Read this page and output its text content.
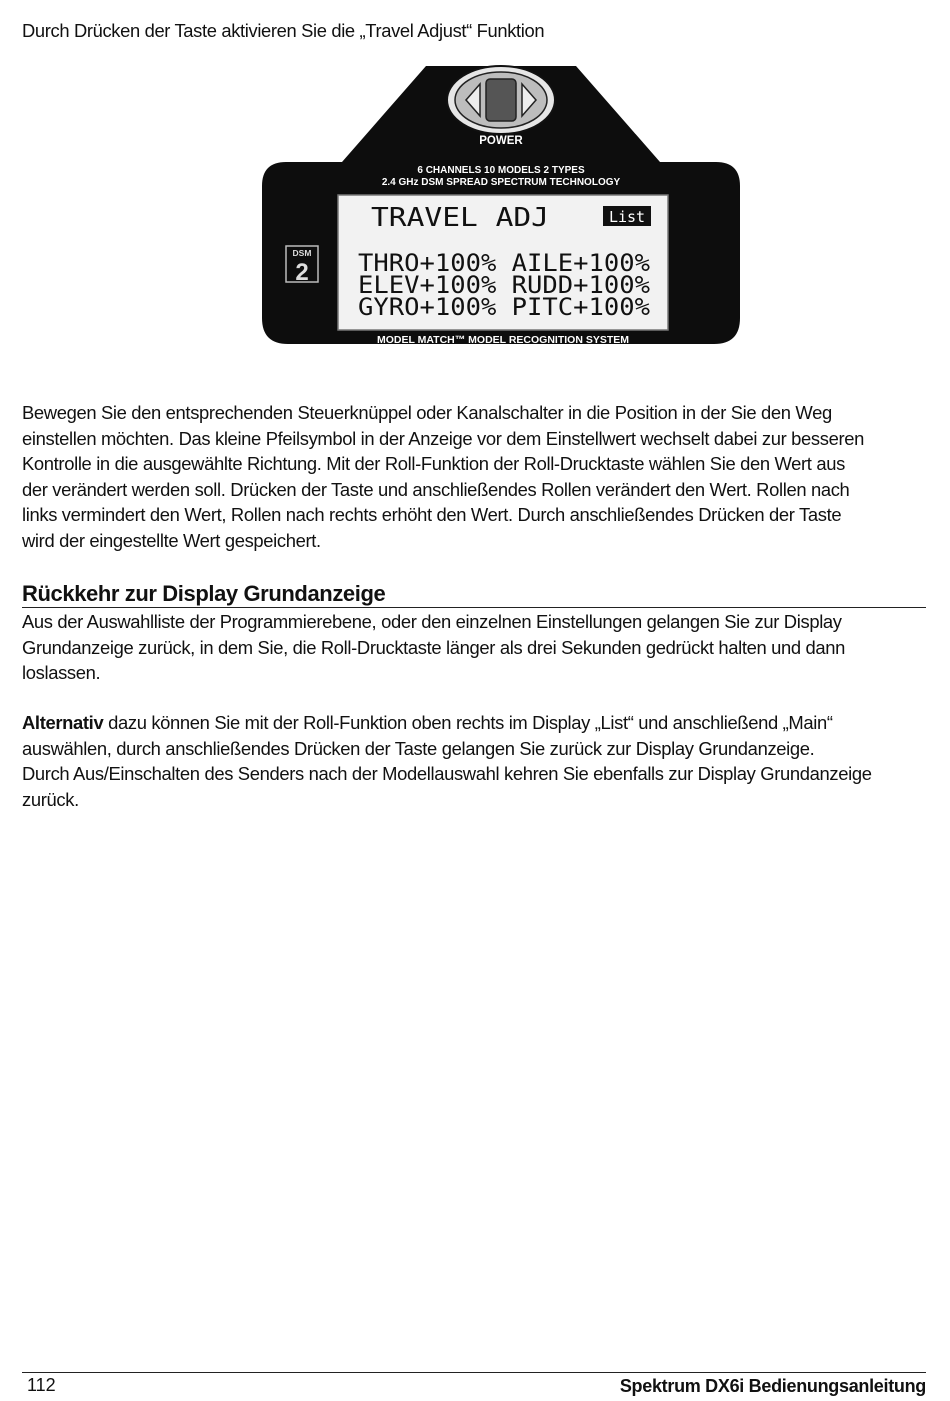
Durch Drücken der Taste aktivieren Sie die „Travel Adjust“ Funktion

POWER
6 CHANNELS 10 MODELS 2 TYPES
2.4 GHz DSM SPREAD SPECTRUM TECHNOLOGY
DSM
2
TRAVEL ADJ	List
THRO+100% AILE+100%
ELEV+100% RUDD+100%
GYRO+100% PITC+100%
MODEL MATCH™ MODEL RECOGNITION SYSTEM

Bewegen Sie den entsprechenden Steuerknüppel oder Kanalschalter in die Position in der Sie den Weg
einstellen möchten. Das kleine Pfeilsymbol in der Anzeige vor dem Einstellwert wechselt dabei zur besseren
Kontrolle in die ausgewählte Richtung. Mit der Roll-Funktion der Roll-Drucktaste wählen Sie den Wert aus
der verändert werden soll. Drücken der Taste und anschließendes Rollen verändert den Wert. Rollen nach
links vermindert den Wert, Rollen nach rechts erhöht den Wert. Durch anschließendes Drücken der Taste
wird der eingestellte Wert gespeichert.

Rückkehr zur Display Grundanzeige

Aus der Auswahlliste der Programmierebene, oder den einzelnen Einstellungen gelangen Sie zur Display
Grundanzeige zurück, in dem Sie, die Roll-Drucktaste länger als drei Sekunden gedrückt halten und dann
loslassen.

Alternativ dazu können Sie mit der Roll-Funktion oben rechts im Display „List“ und anschließend „Main“
auswählen, durch anschließendes Drücken der Taste gelangen Sie zurück zur Display Grundanzeige.
Durch Aus/Einschalten des Senders nach der Modellauswahl kehren Sie ebenfalls zur Display Grundanzeige
zurück.

112	Spektrum DX6i Bedienungsanleitung
